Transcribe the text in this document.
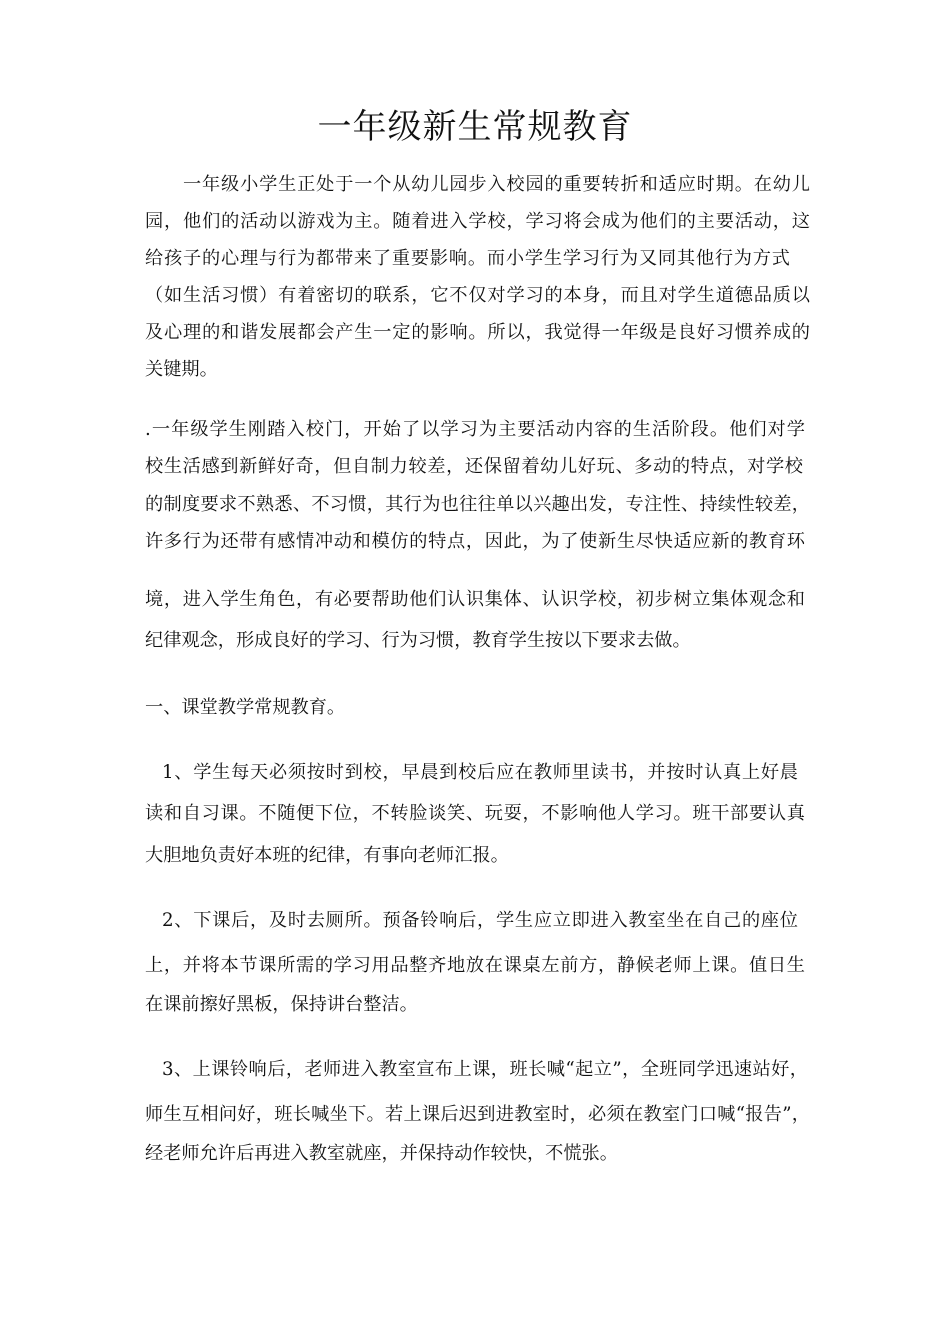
一年级新生常规教育
一年级小学生正处于一个从幼儿园步入校园的重要转折和适应时期。在幼儿
园，他们的活动以游戏为主。随着进入学校，学习将会成为他们的主要活动，这
给孩子的心理与行为都带来了重要影响。而小学生学习行为又同其他行为方式
（如生活习惯）有着密切的联系，它不仅对学习的本身，而且对学生道德品质以
及心理的和谐发展都会产生一定的影响。所以，我觉得一年级是良好习惯养成的
关键期。
.一年级学生刚踏入校门，开始了以学习为主要活动内容的生活阶段。他们对学
校生活感到新鲜好奇，但自制力较差，还保留着幼儿好玩、多动的特点，对学校
的制度要求不熟悉、不习惯，其行为也往往单以兴趣出发，专注性、持续性较差，
许多行为还带有感情冲动和模仿的特点，因此，为了使新生尽快适应新的教育环
境，进入学生角色，有必要帮助他们认识集体、认识学校，初步树立集体观念和
纪律观念，形成良好的学习、行为习惯，教育学生按以下要求去做。
一、课堂教学常规教育。
1、学生每天必须按时到校，早晨到校后应在教师里读书，并按时认真上好晨
读和自习课。不随便下位，不转脸谈笑、玩耍，不影响他人学习。班干部要认真
大胆地负责好本班的纪律，有事向老师汇报。
2、下课后，及时去厕所。预备铃响后，学生应立即进入教室坐在自己的座位
上，并将本节课所需的学习用品整齐地放在课桌左前方，静候老师上课。值日生
在课前擦好黑板，保持讲台整洁。
3、上课铃响后，老师进入教室宣布上课，班长喊“起立”，全班同学迅速站好，
师生互相问好，班长喊坐下。若上课后迟到进教室时，必须在教室门口喊“报告”，
经老师允许后再进入教室就座，并保持动作较快，不慌张。
